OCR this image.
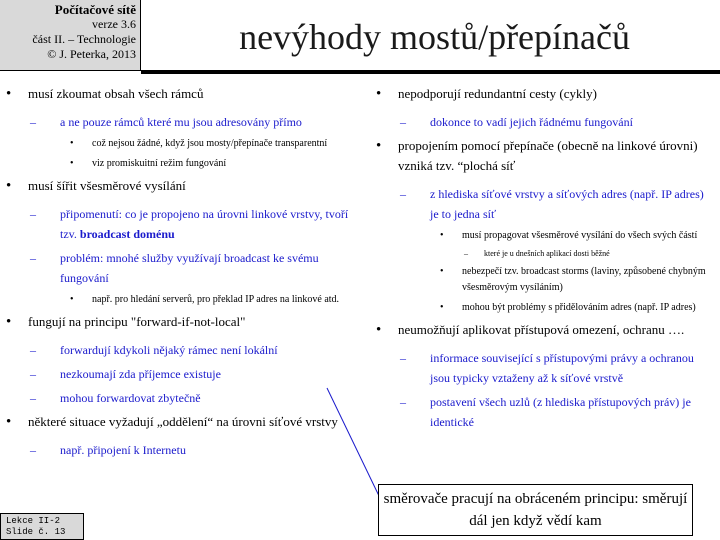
Počítačové sítě
verze 3.6
část II. – Technologie
© J. Peterka, 2013	nevýhody mostů/přepínačů
• musí zkoumat obsah všech rámců
– a ne pouze rámců které mu jsou adresovány přímo
• což nejsou žádné, když jsou mosty/přepínače transparentní
• viz promiskuitní režim fungování
• musí šířit všesměrové vysílání
– připomenutí: co je propojeno na úrovni linkové vrstvy, tvoří tzv. broadcast doménu
– problém: mnohé služby využívají broadcast ke svému fungování
• např. pro hledání serverů, pro překlad IP adres na linkové atd.
• fungují na principu "forward-if-not-local"
– forwardují kdykoli nějaký rámec není lokální
– nezkoumají zda příjemce existuje
– mohou forwardovat zbytečně
• některé situace vyžadují „oddělení“ na úrovni síťové vrstvy
– např. připojení k Internetu
• nepodporují redundantní cesty (cykly)
– dokonce to vadí jejich řádnému fungování
• propojením pomocí přepínače (obecně na linkové úrovni) vzniká tzv. “plochá síť
– z hlediska síťové vrstvy a síťových adres (např. IP adres) je to jedna síť
• musí propagovat všesměrové vysílání do všech svých částí
– které je u dnešních aplikací dosti běžné
• nebezpečí tzv. broadcast storms (laviny, způsobené chybným všesměrovým vysíláním)
• mohou být problémy s přidělováním adres (např. IP adres)
• neumožňují aplikovat přístupová omezení, ochranu ….
– informace související s přístupovými právy a ochranou jsou typicky vztaženy až k síťové vrstvě
– postavení všech uzlů (z hlediska přístupových práv) je identické
směrovače pracují na obráceném principu: směrují dál jen když vědí kam
Lekce II-2
Slide č. 13
